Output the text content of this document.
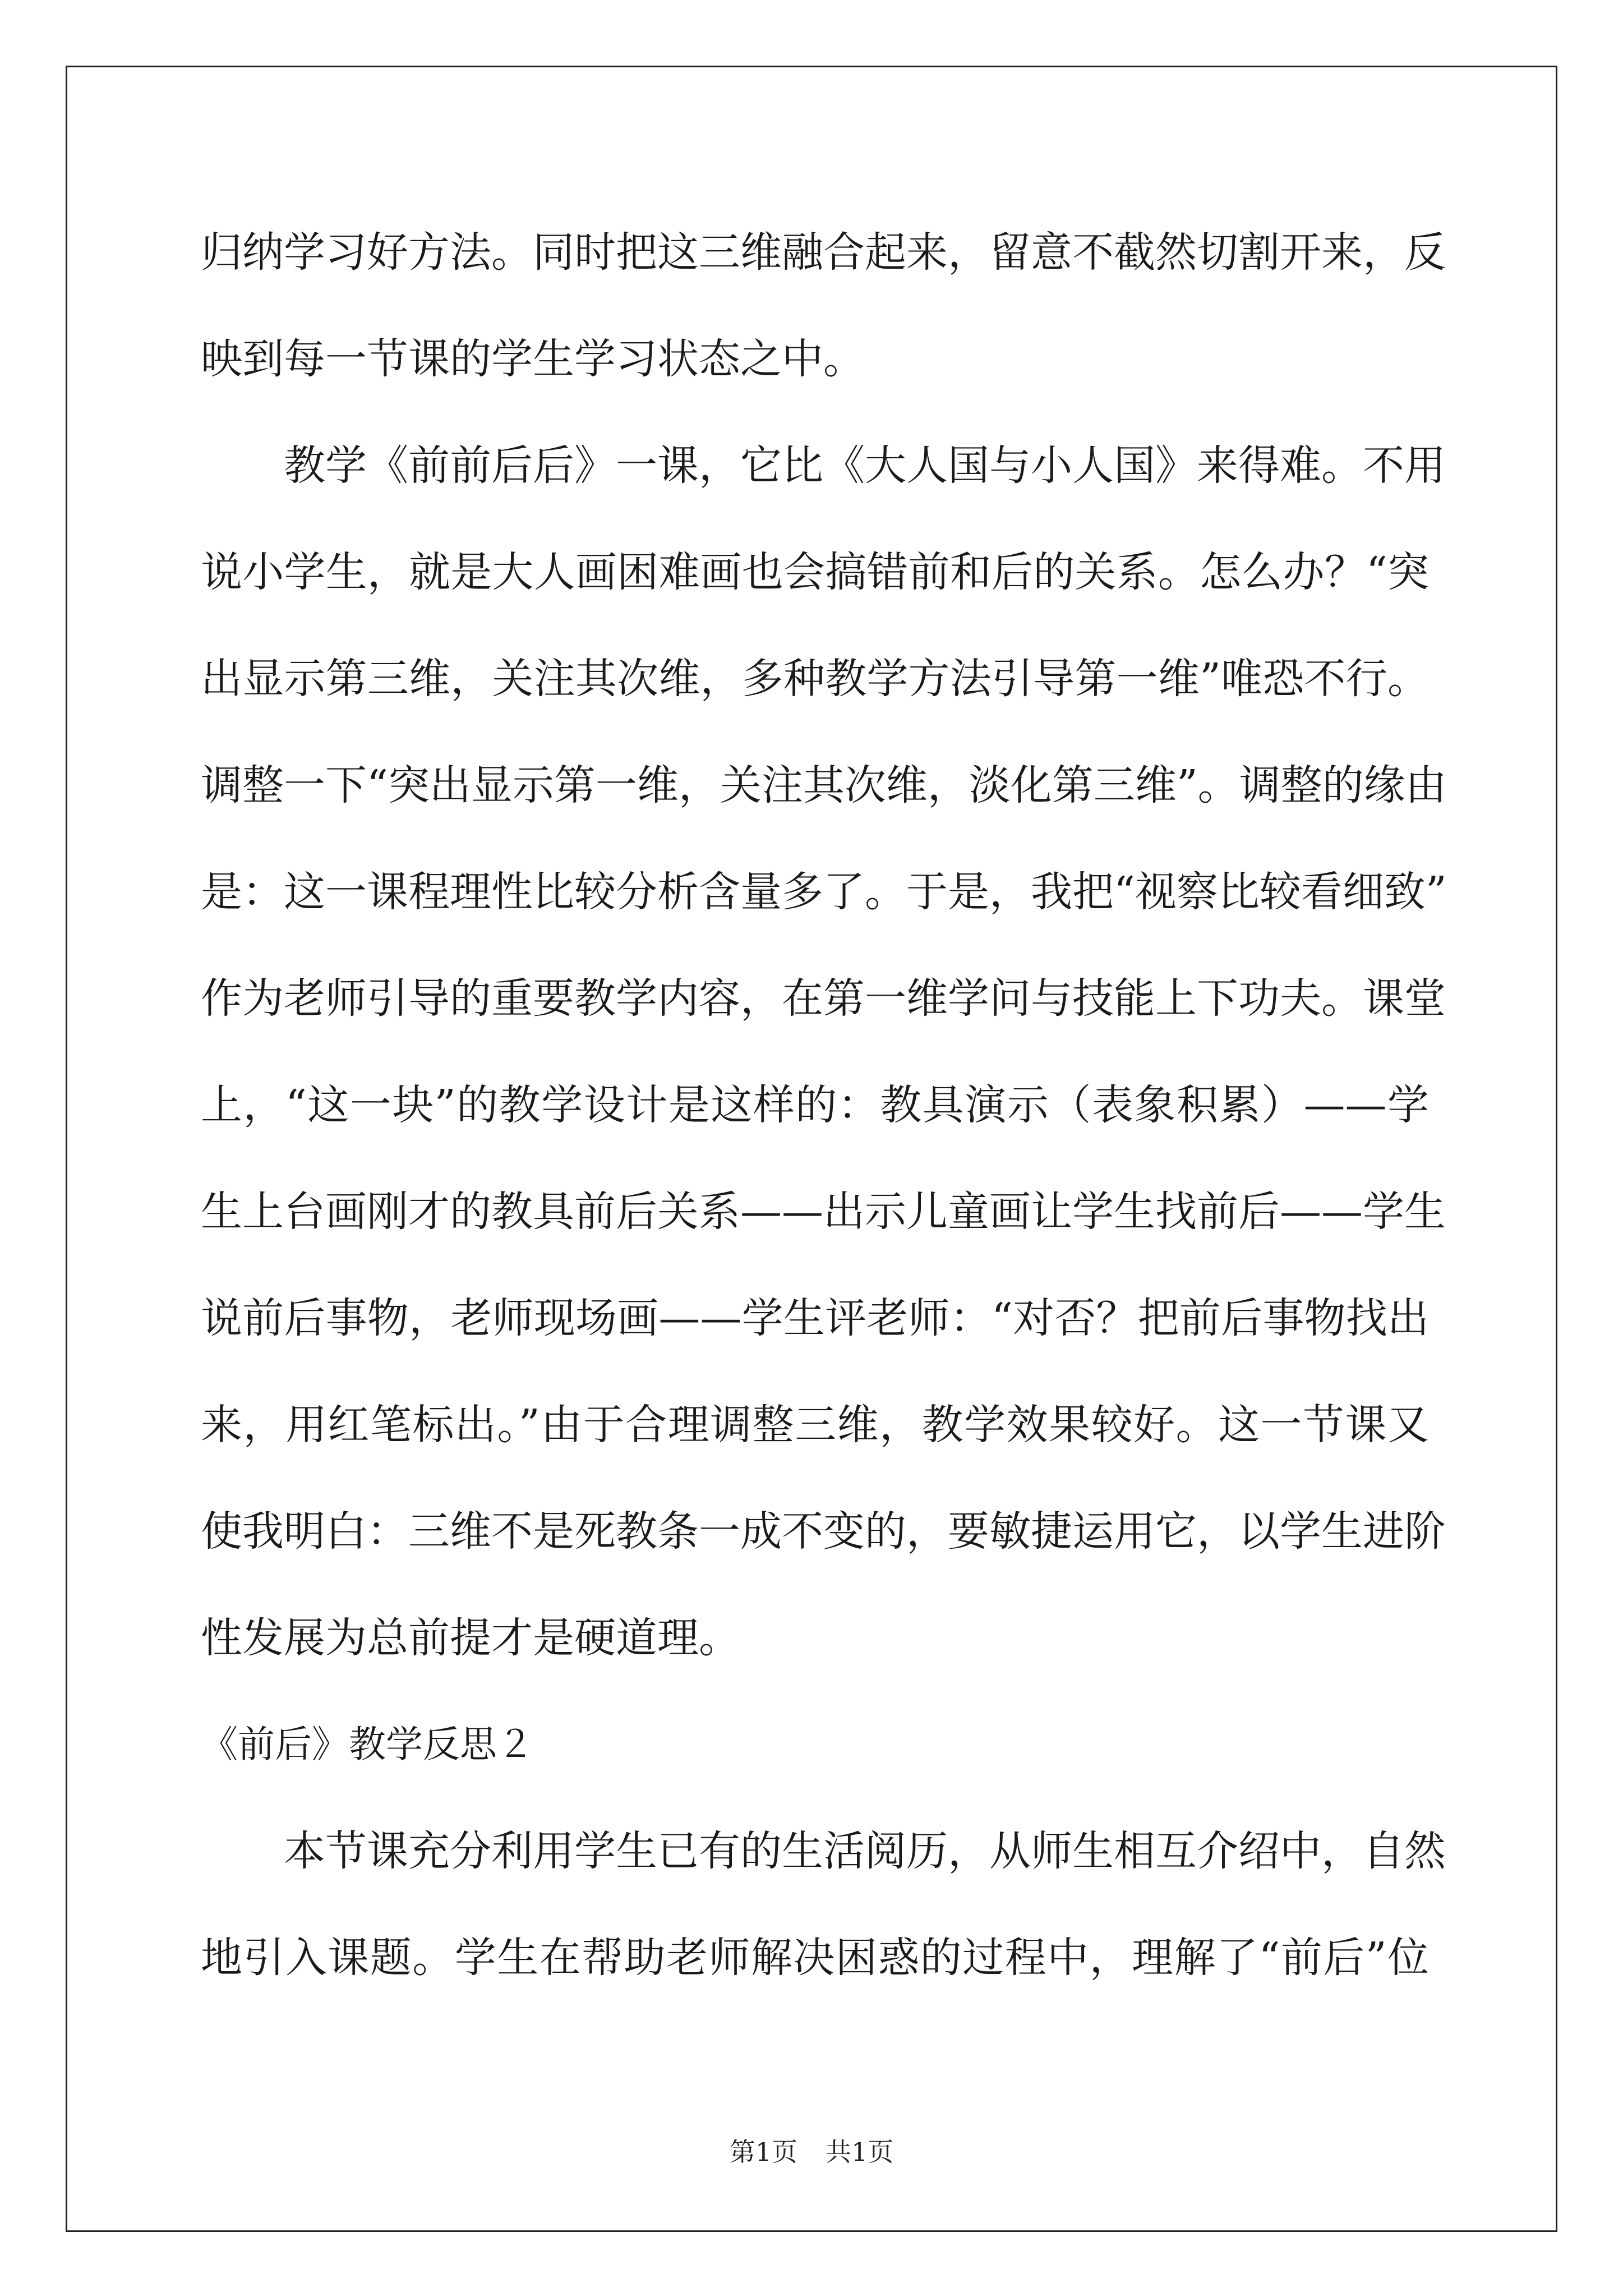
归纳学习好方法。同时把这三维融合起来，留意不截然切割开来，反
映到每一节课的学生学习状态之中。
教学《前前后后》一课，它比《大人国与小人国》来得难。不用
说小学生，就是大人画困难画也会搞错前和后的关系。怎么办？“突
出显示第三维，关注其次维，多种教学方法引导第一维”唯恐不行。
调整一下“突出显示第一维，关注其次维，淡化第三维”。调整的缘由
是：这一课程理性比较分析含量多了。于是，我把“视察比较看细致”
作为老师引导的重要教学内容，在第一维学问与技能上下功夫。课堂
上，“这一块”的教学设计是这样的：教具演示（表象积累）——学
生上台画刚才的教具前后关系——出示儿童画让学生找前后——学生
说前后事物，老师现场画——学生评老师：“对否？把前后事物找出
来，用红笔标出。”由于合理调整三维，教学效果较好。这一节课又
使我明白：三维不是死教条一成不变的，要敏捷运用它，以学生进阶
性发展为总前提才是硬道理。
《前后》教学反思２
本节课充分利用学生已有的生活阅历，从师生相互介绍中，自然
地引入课题。学生在帮助老师解决困惑的过程中，理解了“前后”位
第1页 共1页
